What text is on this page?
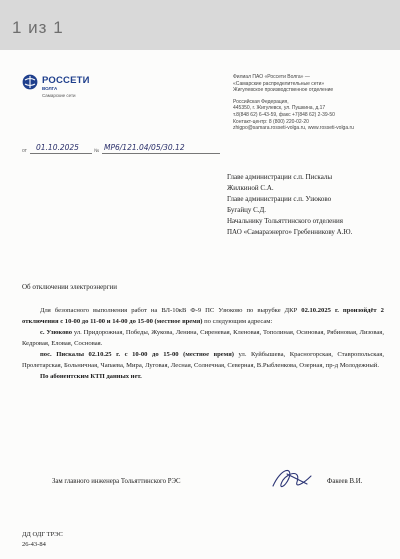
1 из 1
РОССЕТИ
ВОЛГА
Самарские сети
Филиал ПАО «Россети Волга» —
«Самарские распределительные сети»
Жигулевское производственное отделение
Российская Федерация,
445350, г. Жигулевск, ул. Пушкина, д.17
т.8(848 62) 6-43-59, факс +7(848 62) 2-39-50
Контакт-центр: 8 (800) 220-02-20
zhigpo@samara.rosseti-volga.ru, www.rosseti-volga.ru
от 01.10.2025	№ МР6/121.04/05/30.12
Главе администрации с.п. Пискалы
Жилкиной С.А.
Главе администрации с.п. Узюково
Бугайцу С.Д.
Начальнику Тольяттинского отделения
ПАО «Самараэнерго» Гребенникову А.Ю.
Об отключении электроэнергии

Для безопасного выполнения работ на ВЛ-10кВ Ф-9 ПС Узюково по вырубке ДКР 02.10.2025 г. произойдёт 2 отключения с 10-00 до 11-00 и 14-00 до 15-00 (местное время) по следующим адресам:

с. Узюково ул. Придорожная, Победы, Жукова, Ленина, Сиреневая, Кленовая, Тополиная, Осиновая, Рябиновая, Лизовая, Кедровая, Еловая, Сосновая.

пос. Пискалы 02.10.25 г. с 10-00 до 15-00 (местное время) ул. Куйбышева, Красногорская, Ставропольская, Пролетарская, Больничная, Чапаева, Мира, Луговая, Лесная, Солнечная, Северная, В.Рыбленкова, Озерная, пр-д Молодежный.

По абонентским КТП данных нет.

Зам главного инженера Тольяттинского РЭС	Факеев В.И.
ДД ОДГ ТРЭС
26-43-84
